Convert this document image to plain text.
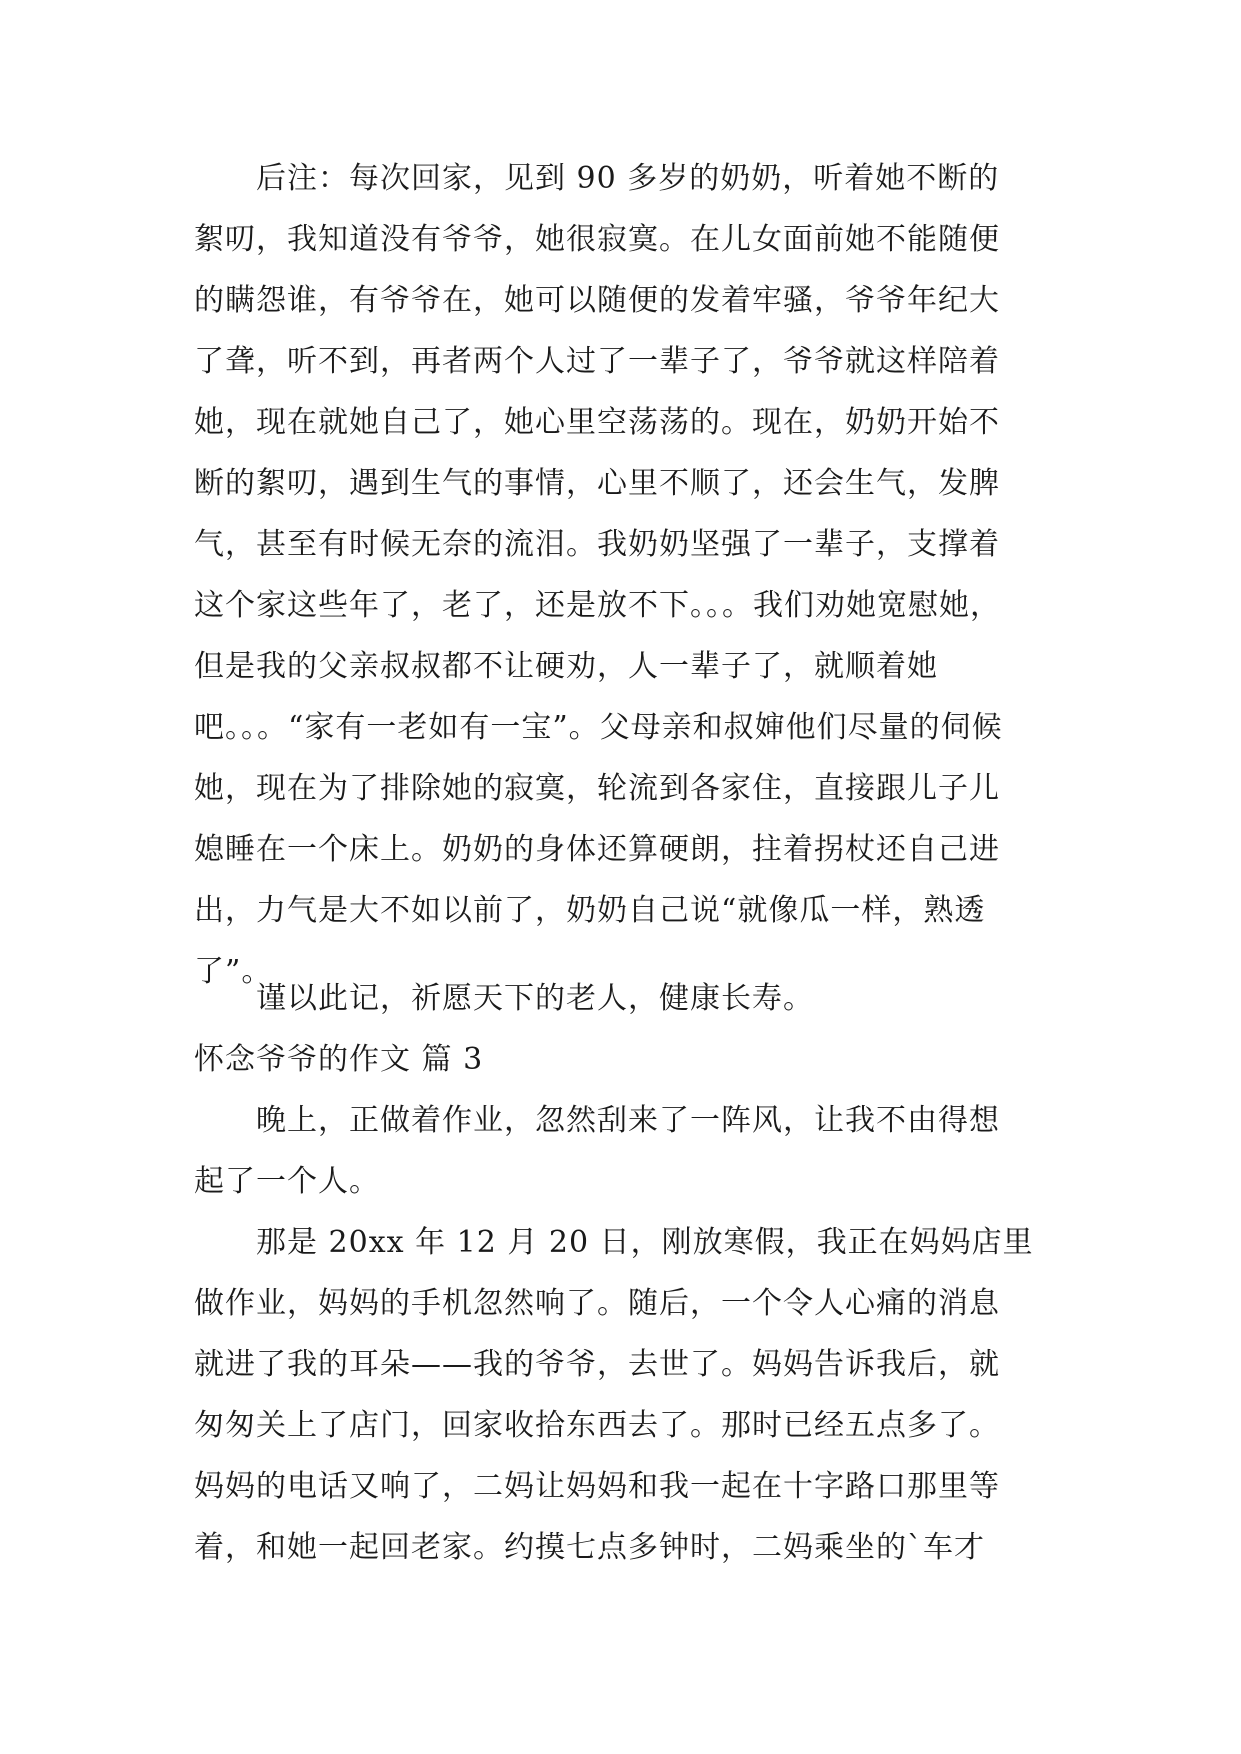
后注：每次回家，见到 90 多岁的奶奶，听着她不断的
絮叨，我知道没有爷爷，她很寂寞。在儿女面前她不能随便
的瞒怨谁，有爷爷在，她可以随便的发着牢骚，爷爷年纪大
了聋，听不到，再者两个人过了一辈子了，爷爷就这样陪着
她，现在就她自己了，她心里空荡荡的。现在，奶奶开始不
断的絮叨，遇到生气的事情，心里不顺了，还会生气，发脾
气，甚至有时候无奈的流泪。我奶奶坚强了一辈子，支撑着
这个家这些年了，老了，还是放不下。。。我们劝她宽慰她，
但是我的父亲叔叔都不让硬劝，人一辈子了，就顺着她
吧。。。“家有一老如有一宝”。父母亲和叔婶他们尽量的伺候
她，现在为了排除她的寂寞，轮流到各家住，直接跟儿子儿
媳睡在一个床上。奶奶的身体还算硬朗，拄着拐杖还自己进
出，力气是大不如以前了，奶奶自己说“就像瓜一样，熟透
了”。
谨以此记，祈愿天下的老人，健康长寿。
怀念爷爷的作文 篇 3
晚上，正做着作业，忽然刮来了一阵风，让我不由得想
起了一个人。
那是 20xx 年 12 月 20 日，刚放寒假，我正在妈妈店里
做作业，妈妈的手机忽然响了。随后，一个令人心痛的消息
就进了我的耳朵——我的爷爷，去世了。妈妈告诉我后，就
匆匆关上了店门，回家收拾东西去了。那时已经五点多了。
妈妈的电话又响了，二妈让妈妈和我一起在十字路口那里等
着，和她一起回老家。约摸七点多钟时，二妈乘坐的`车才
